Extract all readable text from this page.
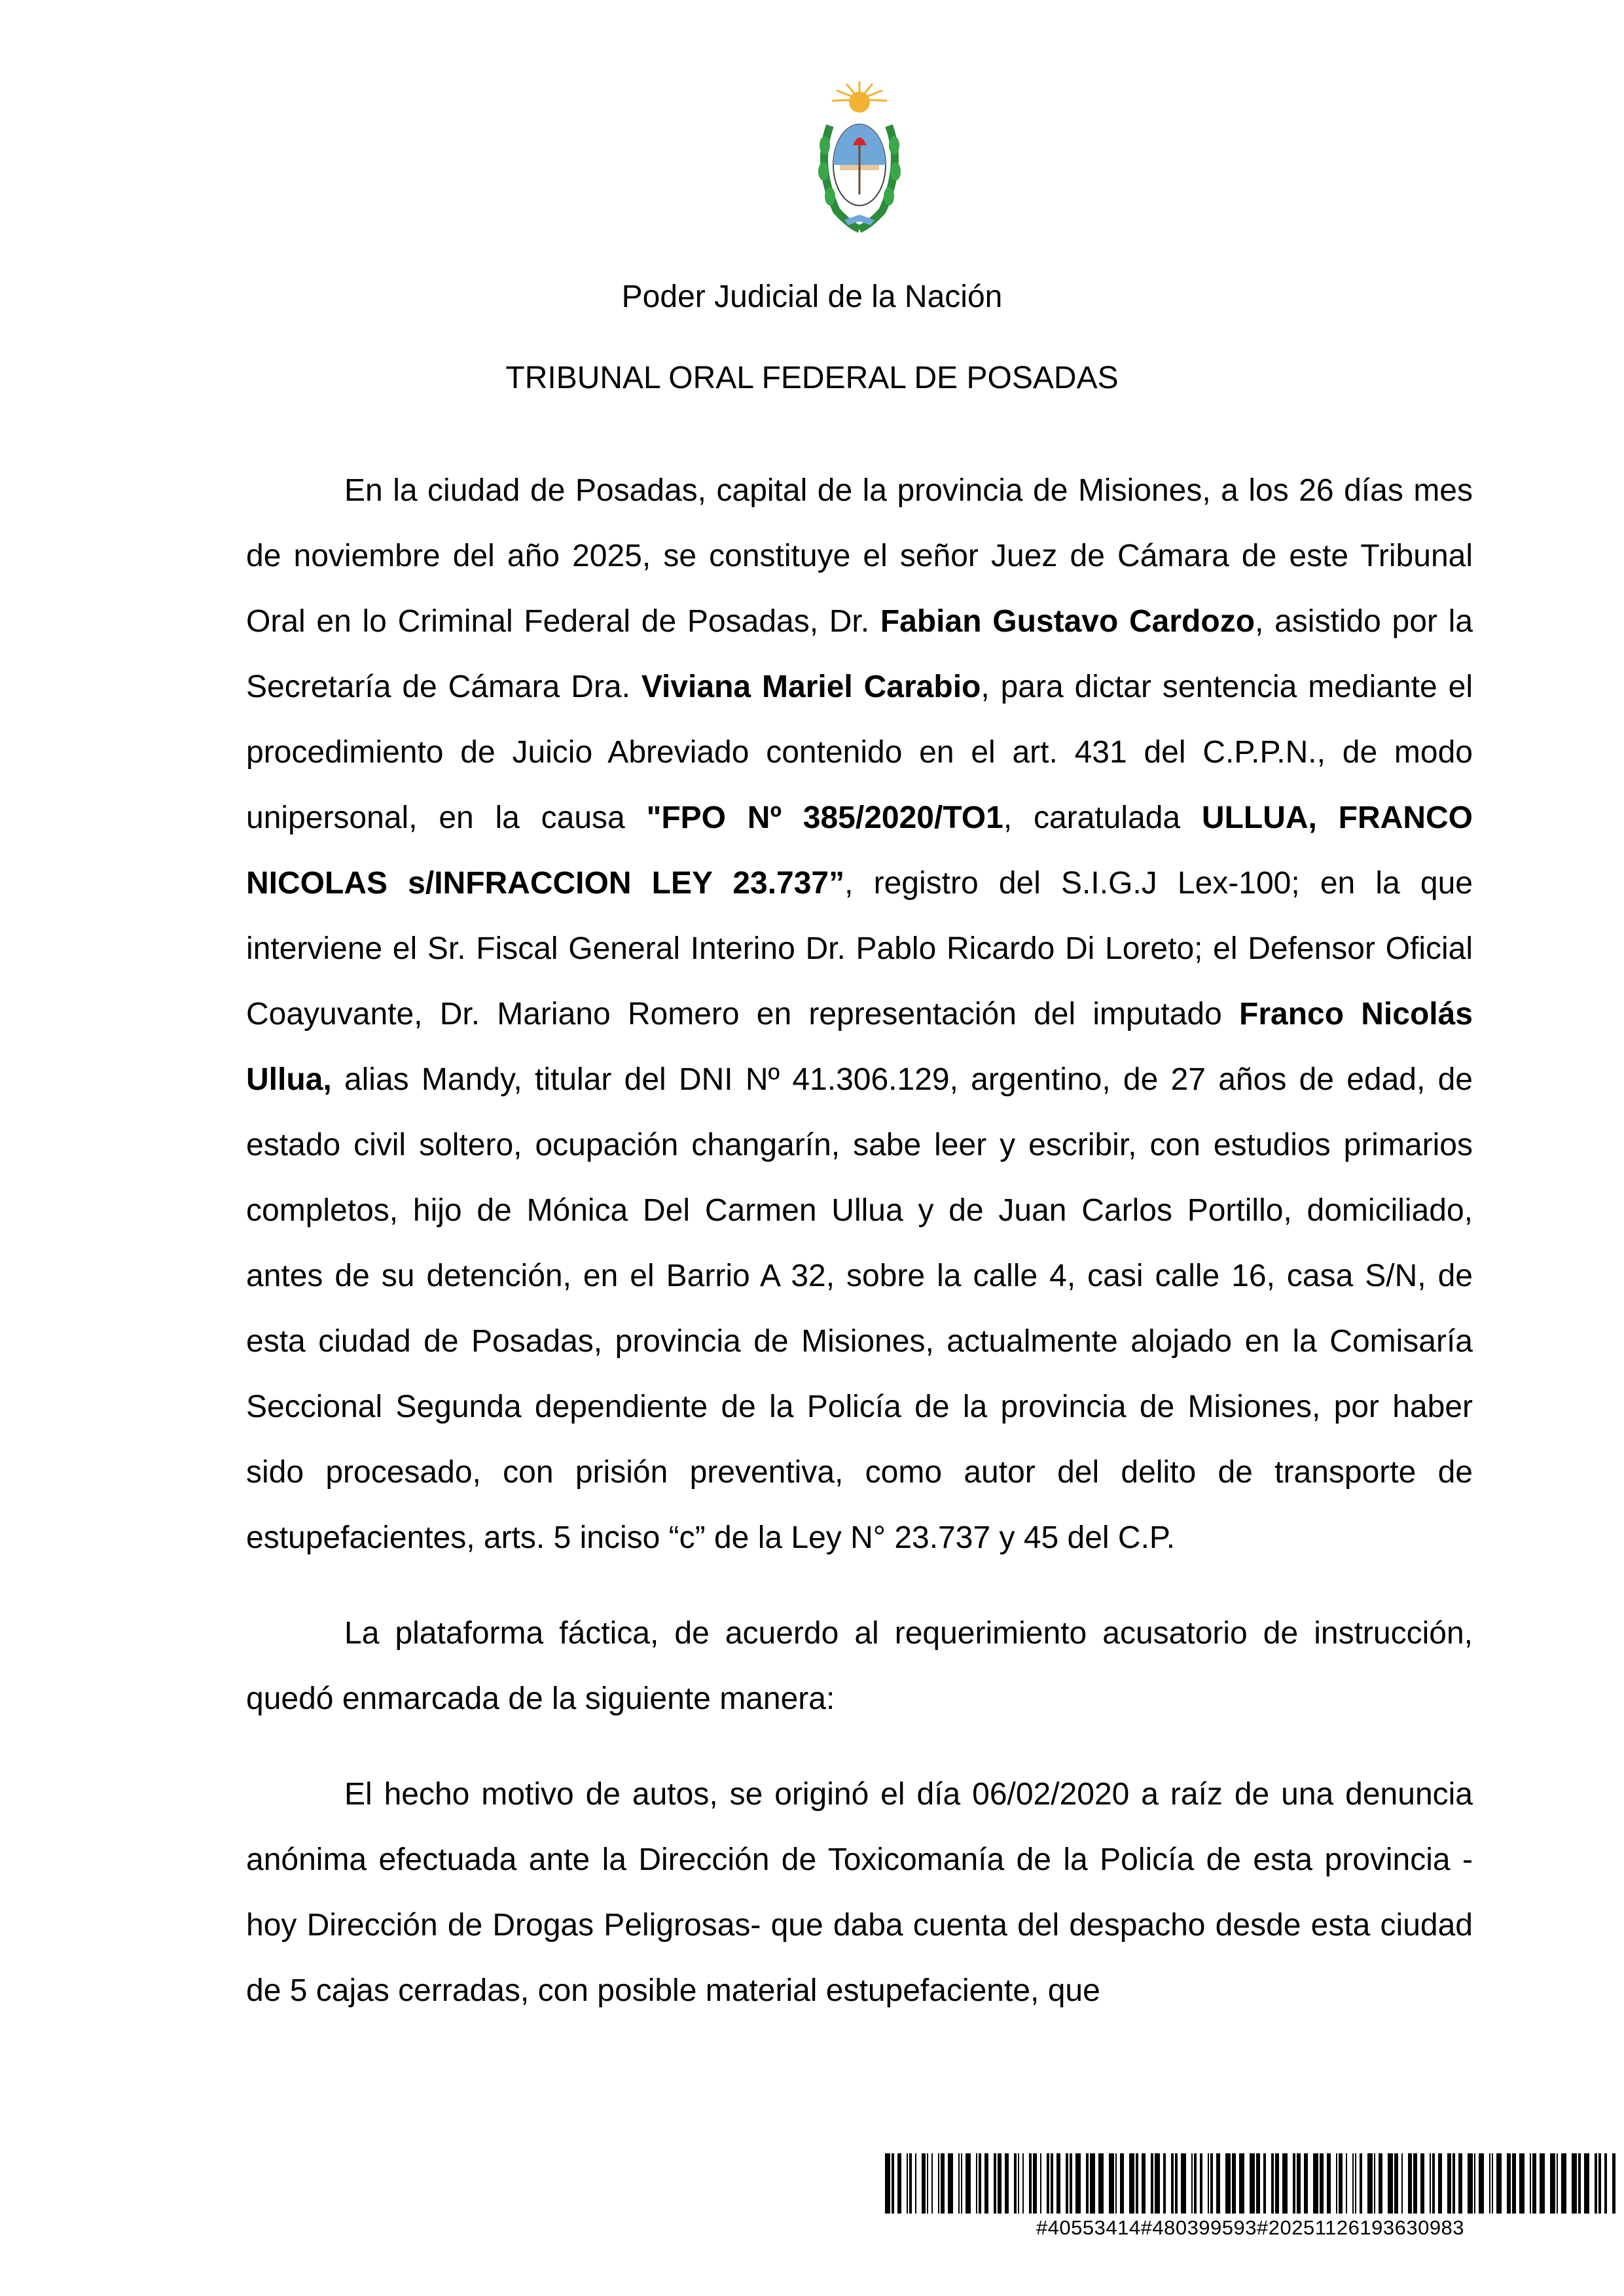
Poder Judicial de la Nación
TRIBUNAL ORAL FEDERAL DE POSADAS

En la ciudad de Posadas, capital de la provincia de Misiones, a los 26 días mes de noviembre del año 2025, se constituye el señor Juez de Cámara de este Tribunal Oral en lo Criminal Federal de Posadas, Dr. Fabian Gustavo Cardozo, asistido por la Secretaría de Cámara Dra. Viviana Mariel Carabio, para dictar sentencia mediante el procedimiento de Juicio Abreviado contenido en el art. 431 del C.P.P.N., de modo unipersonal, en la causa "FPO Nº 385/2020/TO1, caratulada ULLUA, FRANCO NICOLAS s/INFRACCION LEY 23.737”, registro del S.I.G.J Lex-100; en la que interviene el Sr. Fiscal General Interino Dr. Pablo Ricardo Di Loreto; el Defensor Oficial Coayuvante, Dr. Mariano Romero en representación del imputado Franco Nicolás Ullua, alias Mandy, titular del DNI Nº 41.306.129, argentino, de 27 años de edad, de estado civil soltero, ocupación changarín, sabe leer y escribir, con estudios primarios completos, hijo de Mónica Del Carmen Ullua y de Juan Carlos Portillo, domiciliado, antes de su detención, en el Barrio A 32, sobre la calle 4, casi calle 16, casa S/N, de esta ciudad de Posadas, provincia de Misiones, actualmente alojado en la Comisaría Seccional Segunda dependiente de la Policía de la provincia de Misiones, por haber sido procesado, con prisión preventiva, como autor del delito de transporte de estupefacientes, arts. 5 inciso “c” de la Ley N° 23.737 y 45 del C.P.

La plataforma fáctica, de acuerdo al requerimiento acusatorio de instrucción, quedó enmarcada de la siguiente manera:

El hecho motivo de autos, se originó el día 06/02/2020 a raíz de una denuncia anónima efectuada ante la Dirección de Toxicomanía de la Policía de esta provincia -hoy Dirección de Drogas Peligrosas- que daba cuenta del despacho desde esta ciudad de 5 cajas cerradas, con posible material estupefaciente, que

#40553414#480399593#20251126193630983
